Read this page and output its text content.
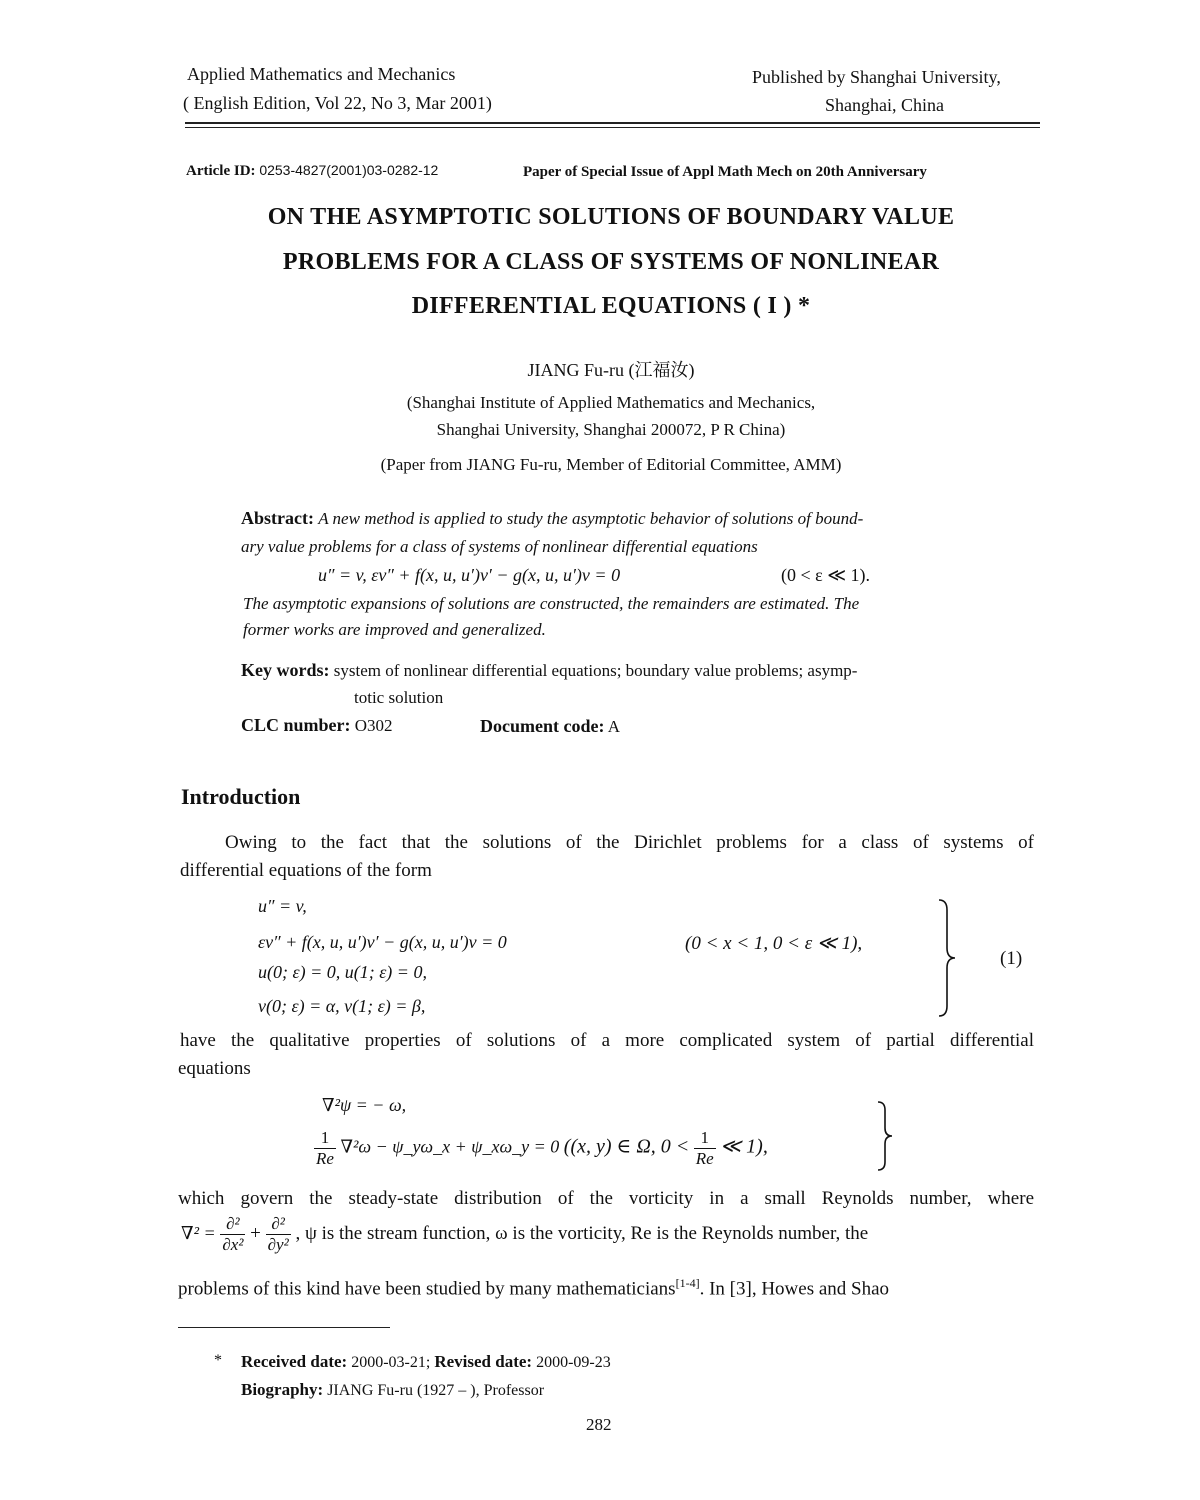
Applied Mathematics and Mechanics
( English Edition, Vol 22, No 3, Mar 2001)
Published by Shanghai University,
Shanghai, China
Article ID: 0253-4827(2001)03-0282-12	Paper of Special Issue of Appl Math Mech on 20th Anniversary
ON THE ASYMPTOTIC SOLUTIONS OF BOUNDARY VALUE
PROBLEMS FOR A CLASS OF SYSTEMS OF NONLINEAR
DIFFERENTIAL EQUATIONS ( I ) *
JIANG Fu-ru (江福汝)
(Shanghai Institute of Applied Mathematics and Mechanics,
Shanghai University, Shanghai 200072, P R China)
(Paper from JIANG Fu-ru, Member of Editorial Committee, AMM)
Abstract: A new method is applied to study the asymptotic behavior of solutions of bound-
ary value problems for a class of systems of nonlinear differential equations
u″ = v, εv″ + f(x, u, u′)v′ − g(x, u, u′)v = 0	(0 < ε ≪ 1).
The asymptotic expansions of solutions are constructed, the remainders are estimated. The
former works are improved and generalized.
Key words: system of nonlinear differential equations; boundary value problems; asymp-
totic solution
CLC number: O302	Document code: A
Introduction
Owing to the fact that the solutions of the Dirichlet problems for a class of systems of
differential equations of the form
u″ = v,
εv″ + f(x, u, u′)v′ − g(x, u, u′)v = 0	(0 < x < 1, 0 < ε ≪ 1),
u(0; ε) = 0, u(1; ε) = 0,
v(0; ε) = α, v(1; ε) = β,
(1)
have the qualitative properties of solutions of a more complicated system of partial differential
equations
∇²ψ = − ω,
$\frac{1}{Re} \nabla^2\omega$ − ψ_yω_x + ψ_xω_y = 0 ((x, y) ∈ Ω, $0 < \frac{1}{Re}$ ≪ 1),
which govern the steady-state distribution of the vorticity in a small Reynolds number, where
$\nabla^2 = \frac{\text{∂²}}{\text{∂x²}} + \frac{\text{∂²}}{\text{∂y²}}$ , ψ is the stream function, ω is the vorticity, Re is the Reynolds number, the
problems of this kind have been studied by many mathematicians[1-4]. In [3], Howes and Shao
* Received date: 2000-03-21; Revised date: 2000-09-23
Biography: JIANG Fu-ru (1927 – ), Professor
282
